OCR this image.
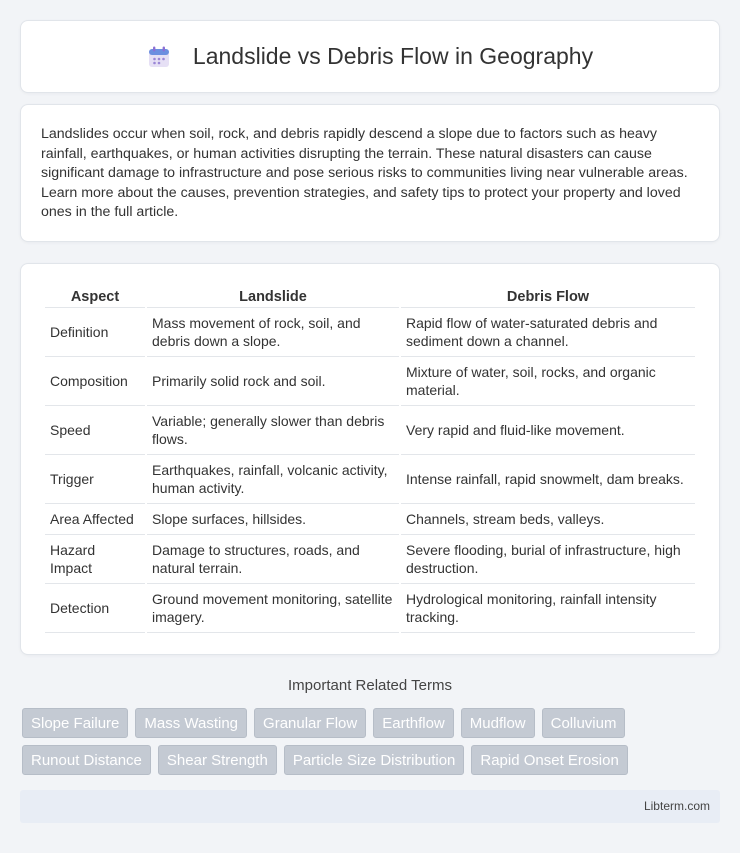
Landslide vs Debris Flow in Geography

Landslides occur when soil, rock, and debris rapidly descend a slope due to factors such as heavy rainfall, earthquakes, or human activities disrupting the terrain. These natural disasters can cause significant damage to infrastructure and pose serious risks to communities living near vulnerable areas. Learn more about the causes, prevention strategies, and safety tips to protect your property and loved ones in the full article.

Aspect	Landslide	Debris Flow
Definition	Mass movement of rock, soil, and debris down a slope.	Rapid flow of water-saturated debris and sediment down a channel.
Composition	Primarily solid rock and soil.	Mixture of water, soil, rocks, and organic material.
Speed	Variable; generally slower than debris flows.	Very rapid and fluid-like movement.
Trigger	Earthquakes, rainfall, volcanic activity, human activity.	Intense rainfall, rapid snowmelt, dam breaks.
Area Affected	Slope surfaces, hillsides.	Channels, stream beds, valleys.
Hazard Impact	Damage to structures, roads, and natural terrain.	Severe flooding, burial of infrastructure, high destruction.
Detection	Ground movement monitoring, satellite imagery.	Hydrological monitoring, rainfall intensity tracking.
Important Related Terms
Slope Failure	Mass Wasting	Granular Flow	Earthflow	Mudflow	Colluvium
Runout Distance	Shear Strength	Particle Size Distribution	Rapid Onset Erosion
Libterm.com
